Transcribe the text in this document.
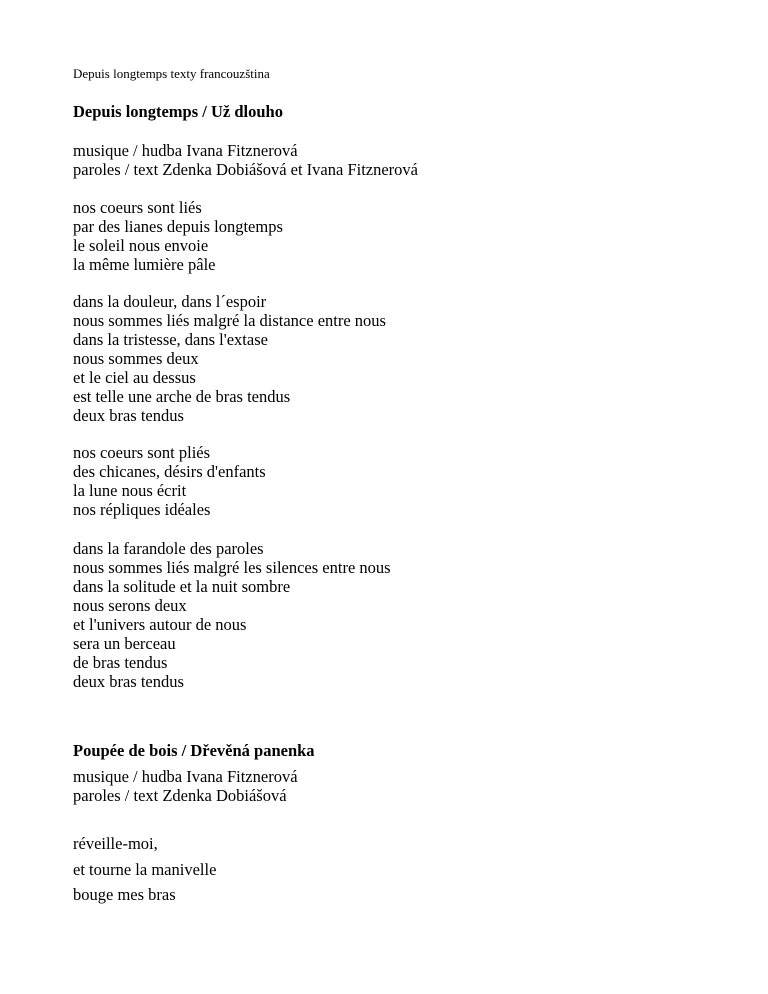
Depuis longtemps texty francouzština
Depuis longtemps / Už dlouho
musique / hudba Ivana Fitznerová
paroles / text Zdenka Dobiášová et Ivana Fitznerová
nos coeurs sont liés
par des lianes depuis longtemps
le soleil nous envoie
la même lumière pâle
dans la douleur, dans l´espoir
nous sommes liés malgré la distance entre nous
dans la tristesse, dans l'extase
nous sommes deux
et le ciel au dessus
est telle une arche de bras tendus
deux bras tendus
nos coeurs sont pliés
des chicanes, désirs d'enfants
la lune nous écrit
nos répliques idéales
dans la farandole des paroles
nous sommes liés malgré les silences entre nous
dans la solitude et la nuit sombre
nous serons deux
et l'univers autour de nous
sera un berceau
de bras tendus
deux bras tendus
Poupée de bois / Dřevěná panenka
musique / hudba Ivana Fitznerová
paroles / text Zdenka Dobiášová
réveille-moi,
et tourne la manivelle
bouge mes bras
